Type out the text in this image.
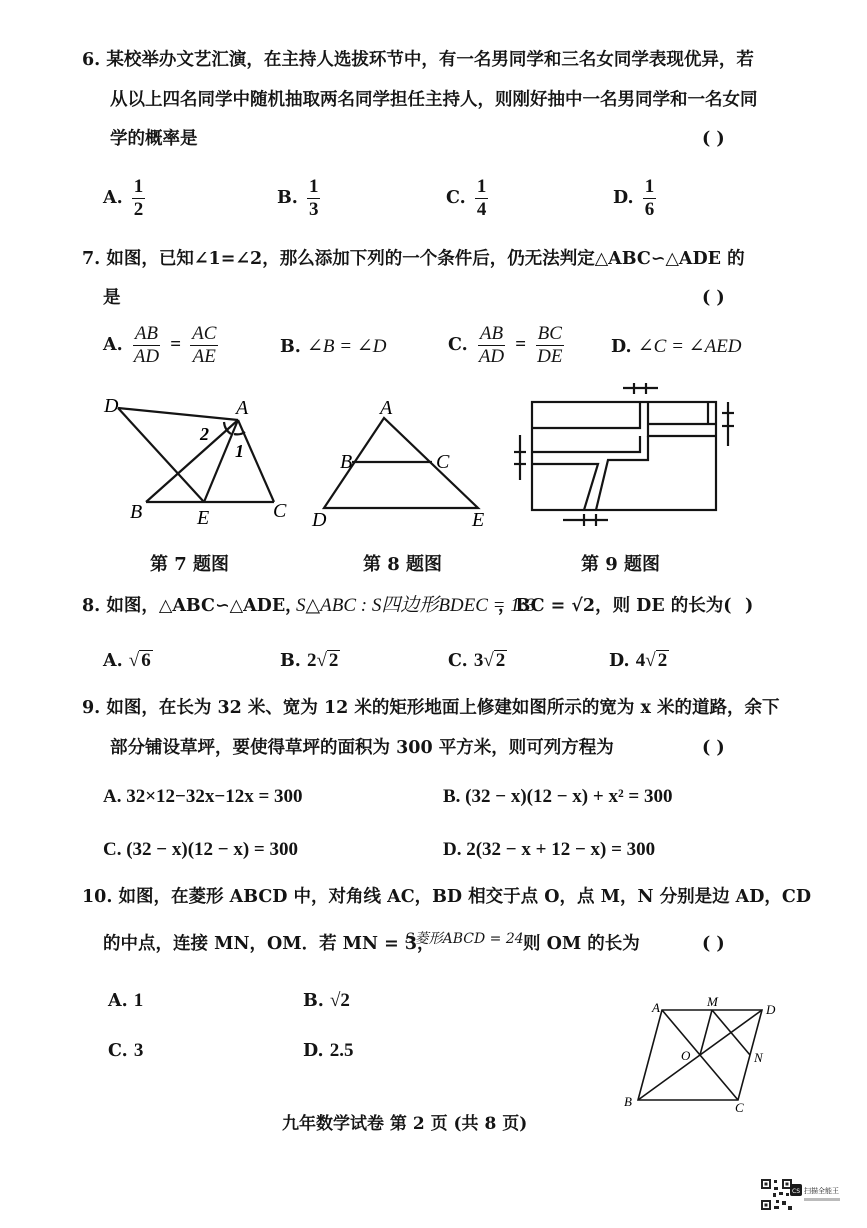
6. 某校举办文艺汇演，在主持人选拔环节中，有一名男同学和三名女同学表现优异，若
从以上四名同学中随机抽取两名同学担任主持人，则刚好抽中一名男同学和一名女同
学的概率是	( )
A. $\frac{1}{2}$	B. $\frac{1}{3}$	C. $\frac{1}{4}$	D. $\frac{1}{6}$
7. 如图，已知∠1=∠2，那么添加下列的一个条件后，仍无法判定△ABC∽△ADE 的
是	( )
A. $\frac{AB}{AD} = \frac{AC}{AE}$	B. ∠B = ∠D	C. $\frac{AB}{AD} = \frac{BC}{DE}$	D. ∠C = ∠AED
D	A
2
1
B	E	C
A
B	C
D	E
第 7 题图	第 8 题图	第 9 题图
8. 如图，△ABC∽△ADE，
S△ABC : S四边形BDEC = 1:3
，BC = √2，则 DE 的长为( )
A. √ 6	B. 2√ 2	C. 3√ 2	D. 4√ 2
9. 如图，在长为 32 米、宽为 12 米的矩形地面上修建如图所示的宽为 x 米的道路，余下
部分铺设草坪，要使得草坪的面积为 300 平方米，则可列方程为	( )
A. 32×12−32x−12x = 300	B. (32 − x)(12 − x) + x² = 300
C. (32 − x)(12 − x) = 300	D. 2(32 − x + 12 − x) = 300
10. 如图，在菱形 ABCD 中，对角线 AC，BD 相交于点 O，点 M，N 分别是边 AD，CD
的中点，连接 MN，OM．若 MN = 3，
S菱形ABCD = 24，
则 OM 的长为	( )
A. 1	B. √2
C. 3	D. 2.5
A	M
D
O	N
B	C
九年数学试卷 第 2 页 (共 8 页)
CS 扫描全能王
